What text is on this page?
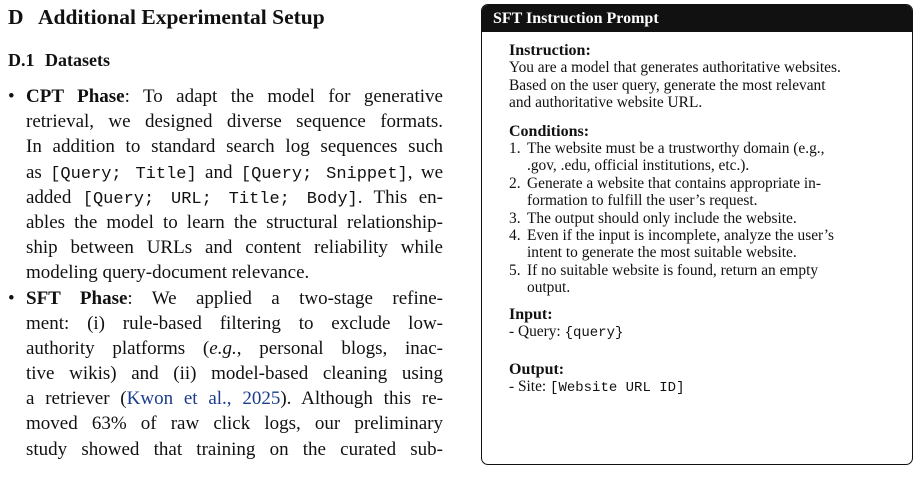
D Additional Experimental Setup
D.1 Datasets
• CPT Phase: To adapt the model for generative
retrieval, we designed diverse sequence formats.
In addition to standard search log sequences such
as [Query; Title] and [Query; Snippet], we
added [Query; URL; Title; Body]. This en-
ables the model to learn the structural relationship-
ship between URLs and content reliability while
modeling query-document relevance.
• SFT Phase: We applied a two-stage refine-
ment: (i) rule-based filtering to exclude low-
authority platforms (e.g., personal blogs, inac-
tive wikis) and (ii) model-based cleaning using
a retriever (Kwon et al., 2025). Although this re-
moved 63% of raw click logs, our preliminary
study showed that training on the curated sub-
SFT Instruction Prompt
Instruction:
You are a model that generates authoritative websites.
Based on the user query, generate the most relevant
and authoritative website URL.
Conditions:
1. The website must be a trustworthy domain (e.g.,
.gov, .edu, official institutions, etc.).
2. Generate a website that contains appropriate in-
formation to fulfill the user’s request.
3. The output should only include the website.
4. Even if the input is incomplete, analyze the user’s
intent to generate the most suitable website.
5. If no suitable website is found, return an empty
output.
Input:
- Query: {query}
Output:
- Site: [Website URL ID]
